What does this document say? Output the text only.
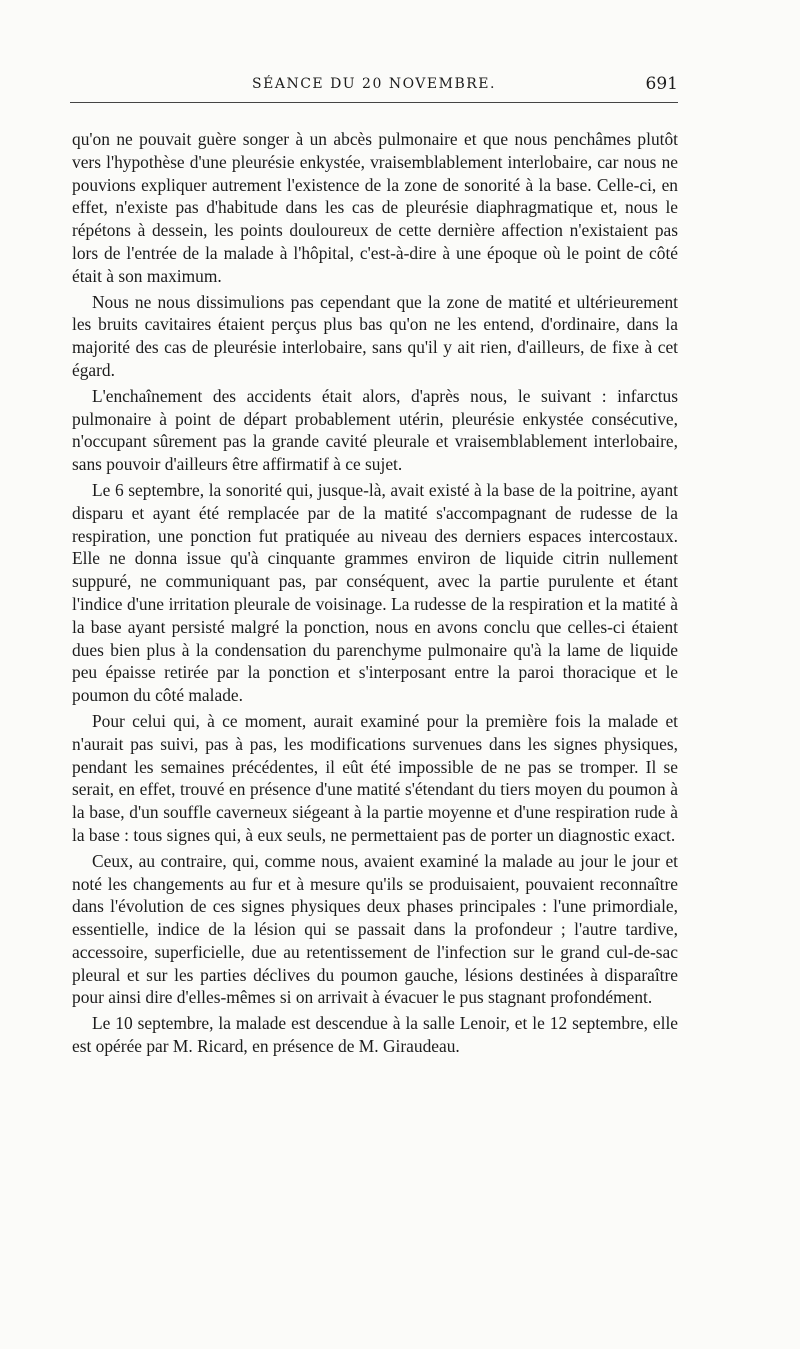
SÉANCE DU 20 NOVEMBRE.	691

qu'on ne pouvait guère songer à un abcès pulmonaire et que nous penchâmes plutôt vers l'hypothèse d'une pleurésie enkystée, vraisemblablement interlobaire, car nous ne pouvions expliquer autrement l'existence de la zone de sonorité à la base. Celle-ci, en effet, n'existe pas d'habitude dans les cas de pleurésie diaphragmatique et, nous le répétons à dessein, les points douloureux de cette dernière affection n'existaient pas lors de l'entrée de la malade à l'hôpital, c'est-à-dire à une époque où le point de côté était à son maximum.

Nous ne nous dissimulions pas cependant que la zone de matité et ultérieurement les bruits cavitaires étaient perçus plus bas qu'on ne les entend, d'ordinaire, dans la majorité des cas de pleurésie interlobaire, sans qu'il y ait rien, d'ailleurs, de fixe à cet égard.

L'enchaînement des accidents était alors, d'après nous, le suivant : infarctus pulmonaire à point de départ probablement utérin, pleurésie enkystée consécutive, n'occupant sûrement pas la grande cavité pleurale et vraisemblablement interlobaire, sans pouvoir d'ailleurs être affirmatif à ce sujet.

Le 6 septembre, la sonorité qui, jusque-là, avait existé à la base de la poitrine, ayant disparu et ayant été remplacée par de la matité s'accompagnant de rudesse de la respiration, une ponction fut pratiquée au niveau des derniers espaces intercostaux. Elle ne donna issue qu'à cinquante grammes environ de liquide citrin nullement suppuré, ne communiquant pas, par conséquent, avec la partie purulente et étant l'indice d'une irritation pleurale de voisinage. La rudesse de la respiration et la matité à la base ayant persisté malgré la ponction, nous en avons conclu que celles-ci étaient dues bien plus à la condensation du parenchyme pulmonaire qu'à la lame de liquide peu épaisse retirée par la ponction et s'interposant entre la paroi thoracique et le poumon du côté malade.

Pour celui qui, à ce moment, aurait examiné pour la première fois la malade et n'aurait pas suivi, pas à pas, les modifications survenues dans les signes physiques, pendant les semaines précédentes, il eût été impossible de ne pas se tromper. Il se serait, en effet, trouvé en présence d'une matité s'étendant du tiers moyen du poumon à la base, d'un souffle caverneux siégeant à la partie moyenne et d'une respiration rude à la base : tous signes qui, à eux seuls, ne permettaient pas de porter un diagnostic exact.

Ceux, au contraire, qui, comme nous, avaient examiné la malade au jour le jour et noté les changements au fur et à mesure qu'ils se produisaient, pouvaient reconnaître dans l'évolution de ces signes physiques deux phases principales : l'une primordiale, essentielle, indice de la lésion qui se passait dans la profondeur ; l'autre tardive, accessoire, superficielle, due au retentissement de l'infection sur le grand cul-de-sac pleural et sur les parties déclives du poumon gauche, lésions destinées à disparaître pour ainsi dire d'elles-mêmes si on arrivait à évacuer le pus stagnant profondément.

Le 10 septembre, la malade est descendue à la salle Lenoir, et le 12 septembre, elle est opérée par M. Ricard, en présence de M. Giraudeau.
